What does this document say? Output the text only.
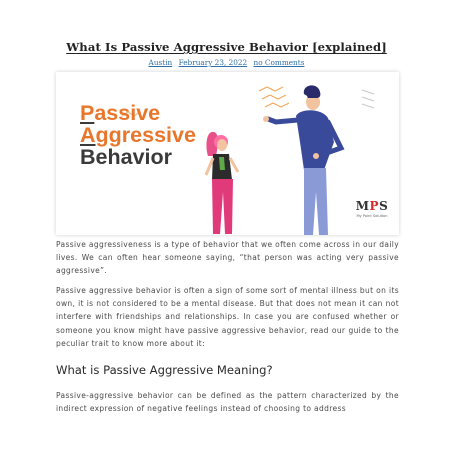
What Is Passive Aggressive Behavior [explained]
Austin February 23, 2022 no Comments
Passive
Aggressive
Behavior
MPS
My Point Solution
Passive aggressiveness is a type of behavior that we often come across in our daily lives. We can often hear someone saying, “that person was acting very passive aggressive”.
Passive aggressive behavior is often a sign of some sort of mental illness but on its own, it is not considered to be a mental disease. But that does not mean it can not interfere with friendships and relationships. In case you are confused whether or someone you know might have passive aggressive behavior, read our guide to the peculiar trait to know more about it:
What is Passive Aggressive Meaning?
Passive-aggressive behavior can be defined as the pattern characterized by the indirect expression of negative feelings instead of choosing to address
